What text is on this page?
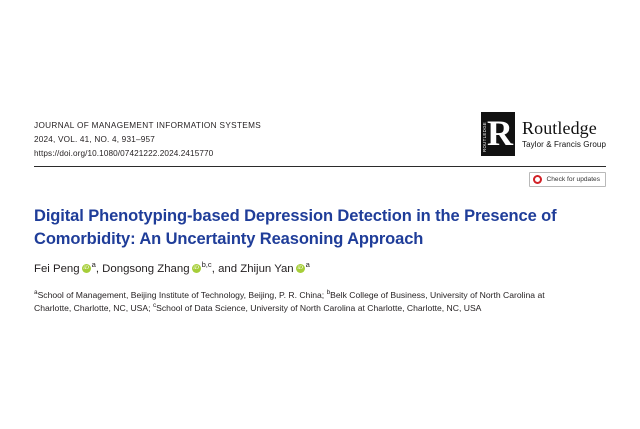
JOURNAL OF MANAGEMENT INFORMATION SYSTEMS
2024, VOL. 41, NO. 4, 931–957
https://doi.org/10.1080/07421222.2024.2415770
ROUTLEDGE R Routledge
Taylor & Francis Group
Check for updates
Digital Phenotyping-based Depression Detection in the Presence of Comorbidity: An Uncertainty Reasoning Approach
Fei Peng iD $^a$, Dongsong Zhang iD $^{b,c}$, and Zhijun Yan iD $^a$
$^a$School of Management, Beijing Institute of Technology, Beijing, P. R. China; $^b$Belk College of Business, University of North Carolina at Charlotte, Charlotte, NC, USA; $^c$School of Data Science, University of North Carolina at Charlotte, Charlotte, NC, USA
